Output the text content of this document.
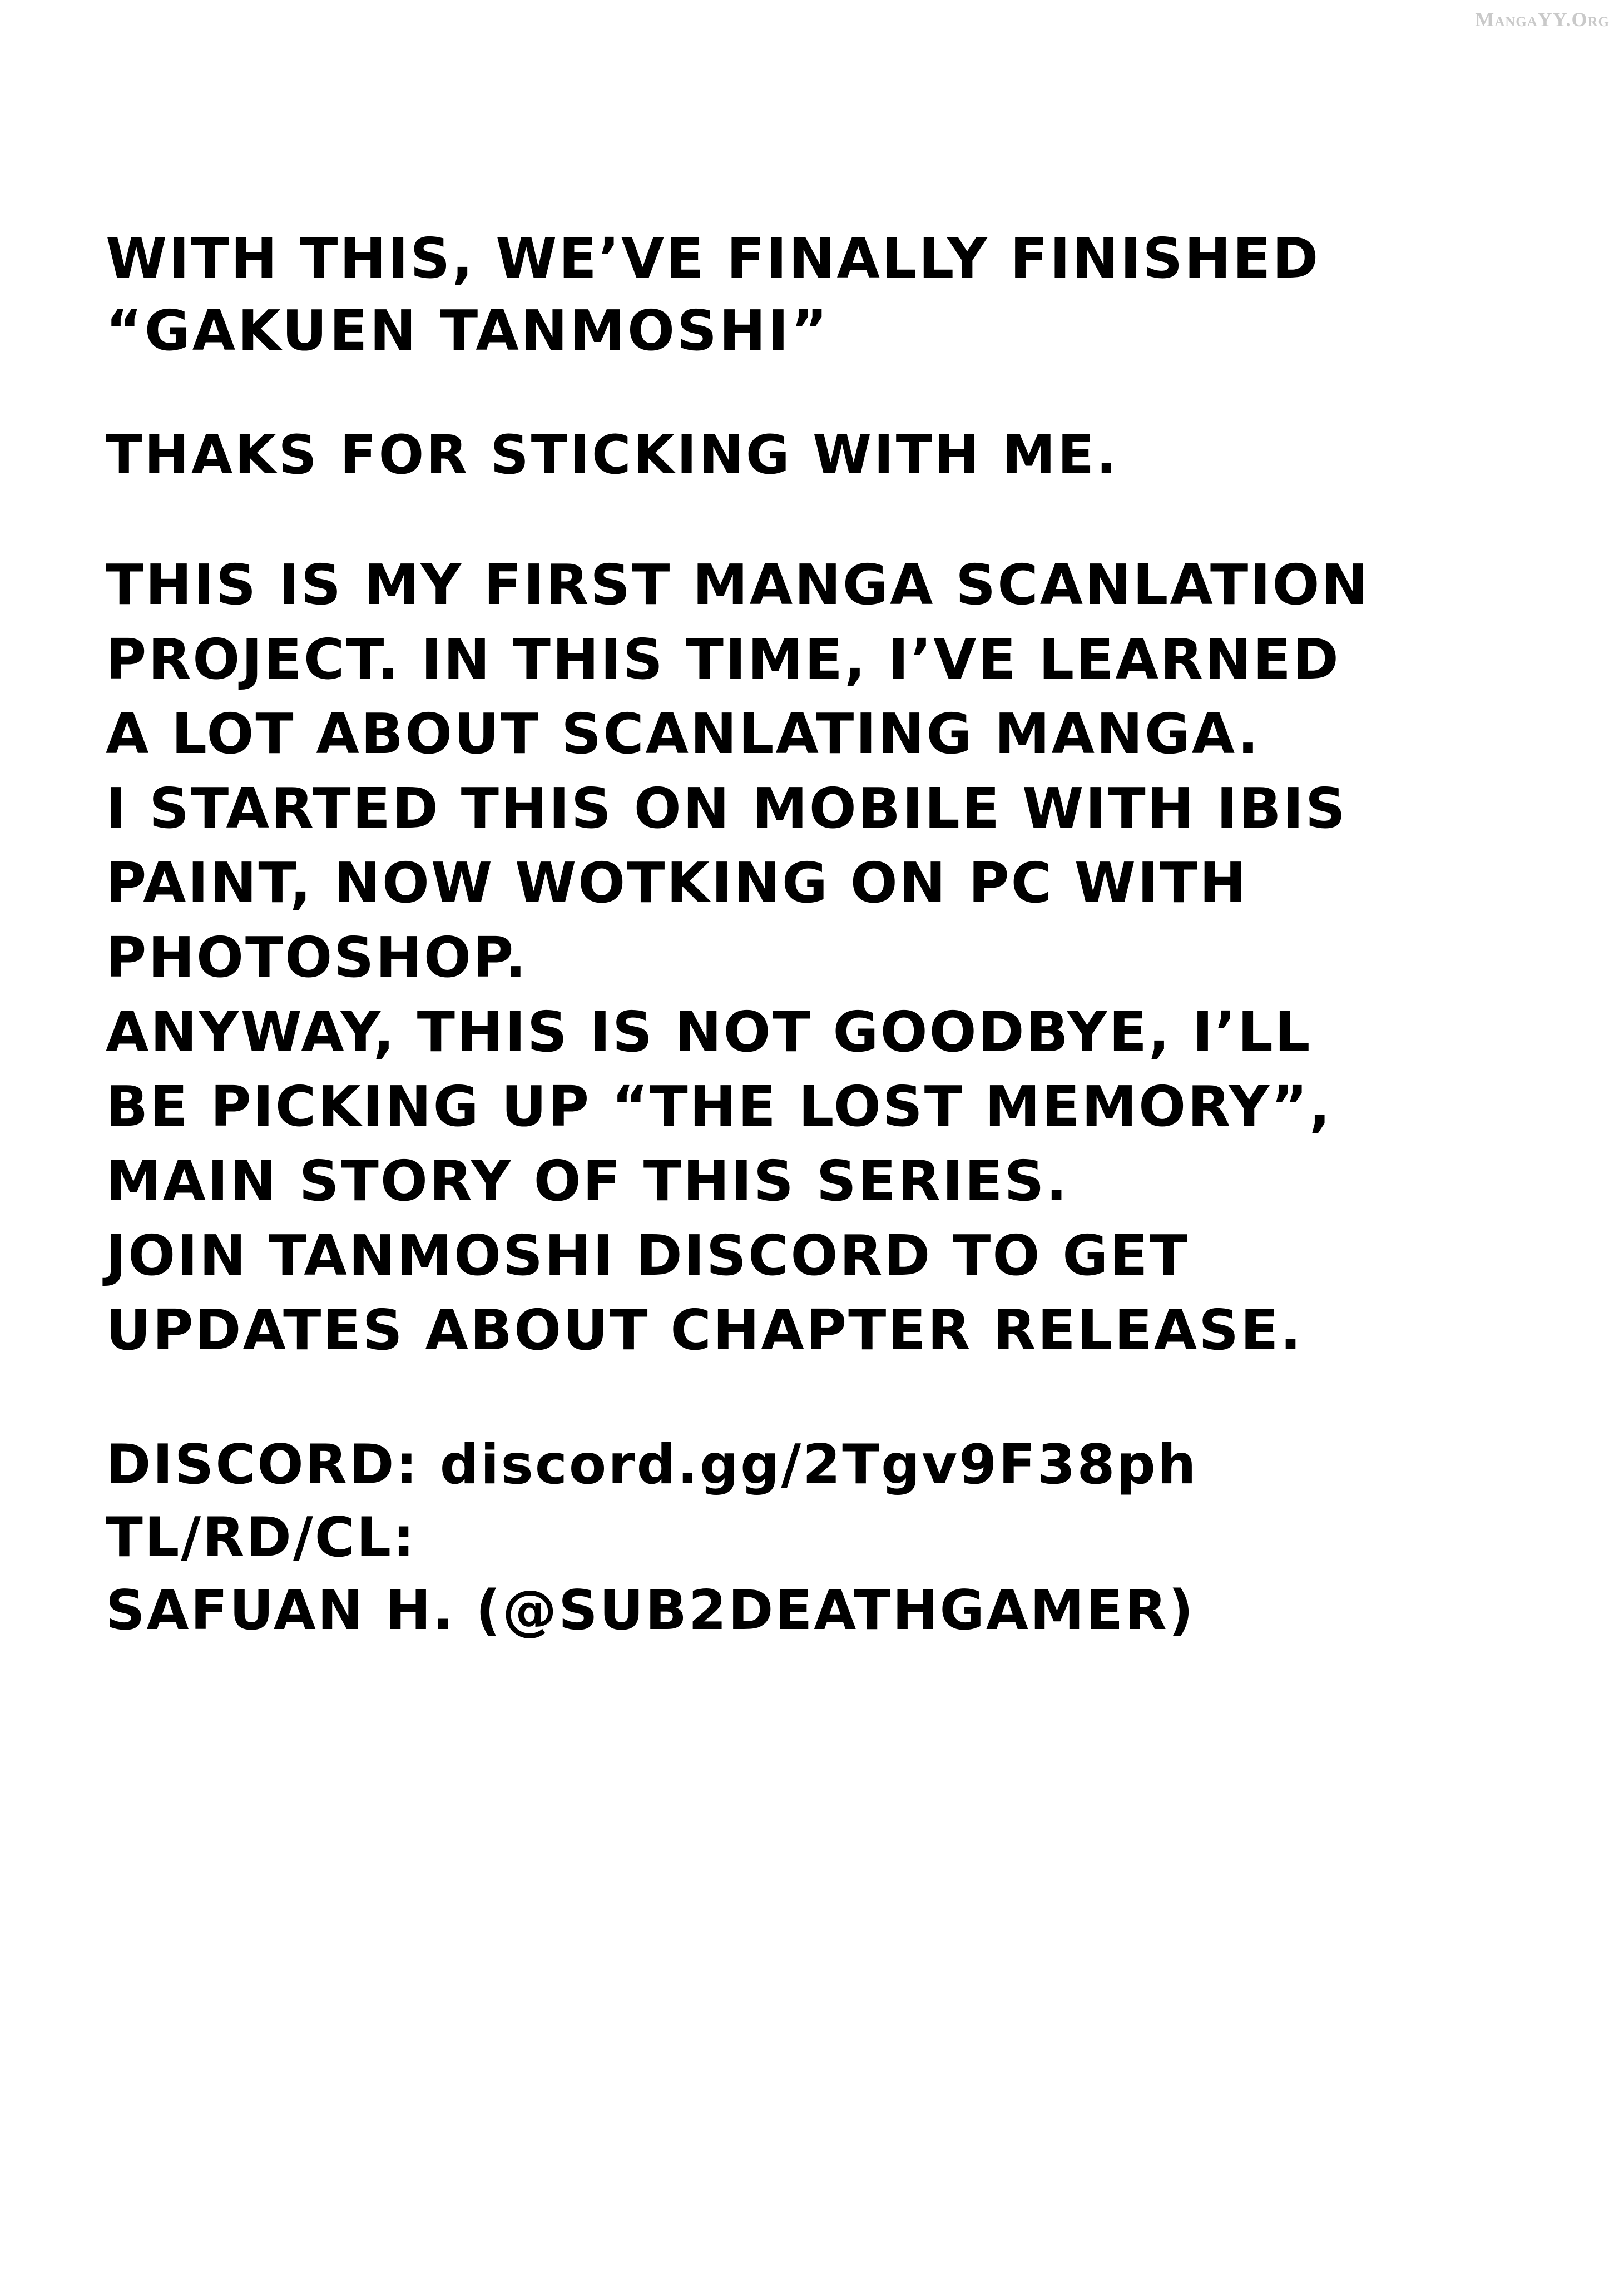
MangaYY.Org
WITH THIS, WE’VE FINALLY FINISHED
“GAKUEN TANMOSHI”
THAKS FOR STICKING WITH ME.
THIS IS MY FIRST MANGA SCANLATION
PROJECT. IN THIS TIME, I’VE LEARNED
A LOT ABOUT SCANLATING MANGA.
I STARTED THIS ON MOBILE WITH IBIS
PAINT, NOW WOTKING ON PC WITH
PHOTOSHOP.
ANYWAY, THIS IS NOT GOODBYE, I’LL
BE PICKING UP “THE LOST MEMORY”,
MAIN STORY OF THIS SERIES.
JOIN TANMOSHI DISCORD TO GET
UPDATES ABOUT CHAPTER RELEASE.
DISCORD: discord.gg/2Tgv9F38ph
TL/RD/CL:
SAFUAN H. (@SUB2DEATHGAMER)
